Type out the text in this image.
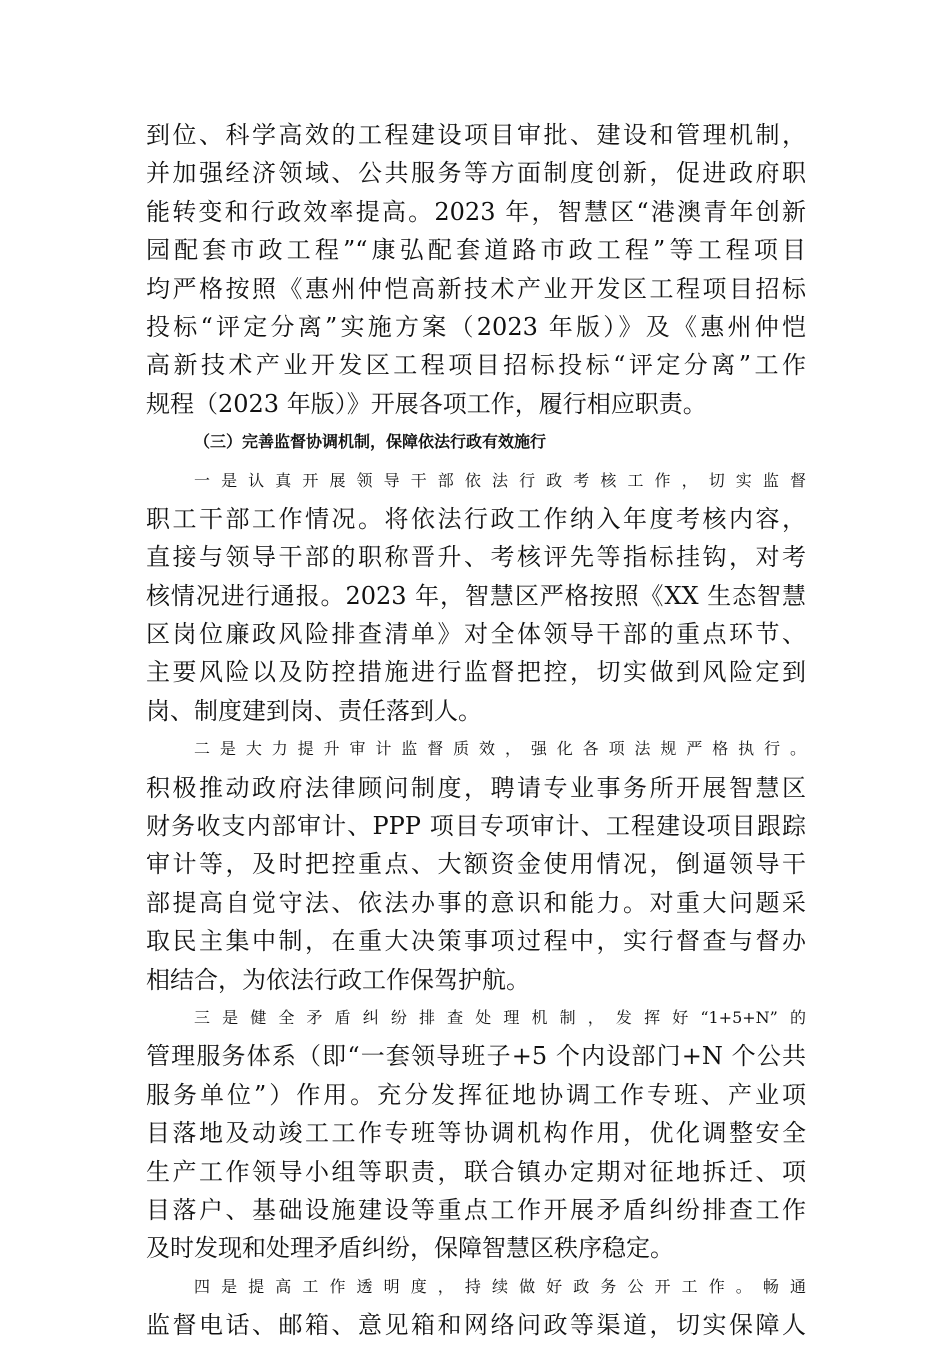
到位、科学高效的工程建设项目审批、建设和管理机制，
并加强经济领域、公共服务等方面制度创新，促进政府职
能转变和行政效率提高。2023 年，智慧区“港澳青年创新
园配套市政工程”“康弘配套道路市政工程”等工程项目
均严格按照《惠州仲恺高新技术产业开发区工程项目招标
投标“评定分离”实施方案（2023 年版）》及《惠州仲恺
高新技术产业开发区工程项目招标投标“评定分离”工作
规程（2023 年版）》开展各项工作，履行相应职责。
（三）完善监督协调机制，保障依法行政有效施行
一是认真开展领导干部依法行政考核工作，切实监督
职工干部工作情况。将依法行政工作纳入年度考核内容，
直接与领导干部的职称晋升、考核评先等指标挂钩，对考
核情况进行通报。2023 年，智慧区严格按照《XX 生态智慧
区岗位廉政风险排查清单》对全体领导干部的重点环节、
主要风险以及防控措施进行监督把控，切实做到风险定到
岗、制度建到岗、责任落到人。
二是大力提升审计监督质效，强化各项法规严格执行。
积极推动政府法律顾问制度，聘请专业事务所开展智慧区
财务收支内部审计、PPP 项目专项审计、工程建设项目跟踪
审计等，及时把控重点、大额资金使用情况，倒逼领导干
部提高自觉守法、依法办事的意识和能力。对重大问题采
取民主集中制，在重大决策事项过程中，实行督查与督办
相结合，为依法行政工作保驾护航。
三是健全矛盾纠纷排查处理机制，发挥好“1+5+N”的
管理服务体系（即“一套领导班子+5 个内设部门+N 个公共
服务单位”）作用。充分发挥征地协调工作专班、产业项
目落地及动竣工工作专班等协调机构作用，优化调整安全
生产工作领导小组等职责，联合镇办定期对征地拆迁、项
目落户、基础设施建设等重点工作开展矛盾纠纷排查工作
及时发现和处理矛盾纠纷，保障智慧区秩序稳定。
四是提高工作透明度，持续做好政务公开工作。畅通
监督电话、邮箱、意见箱和网络问政等渠道，切实保障人
